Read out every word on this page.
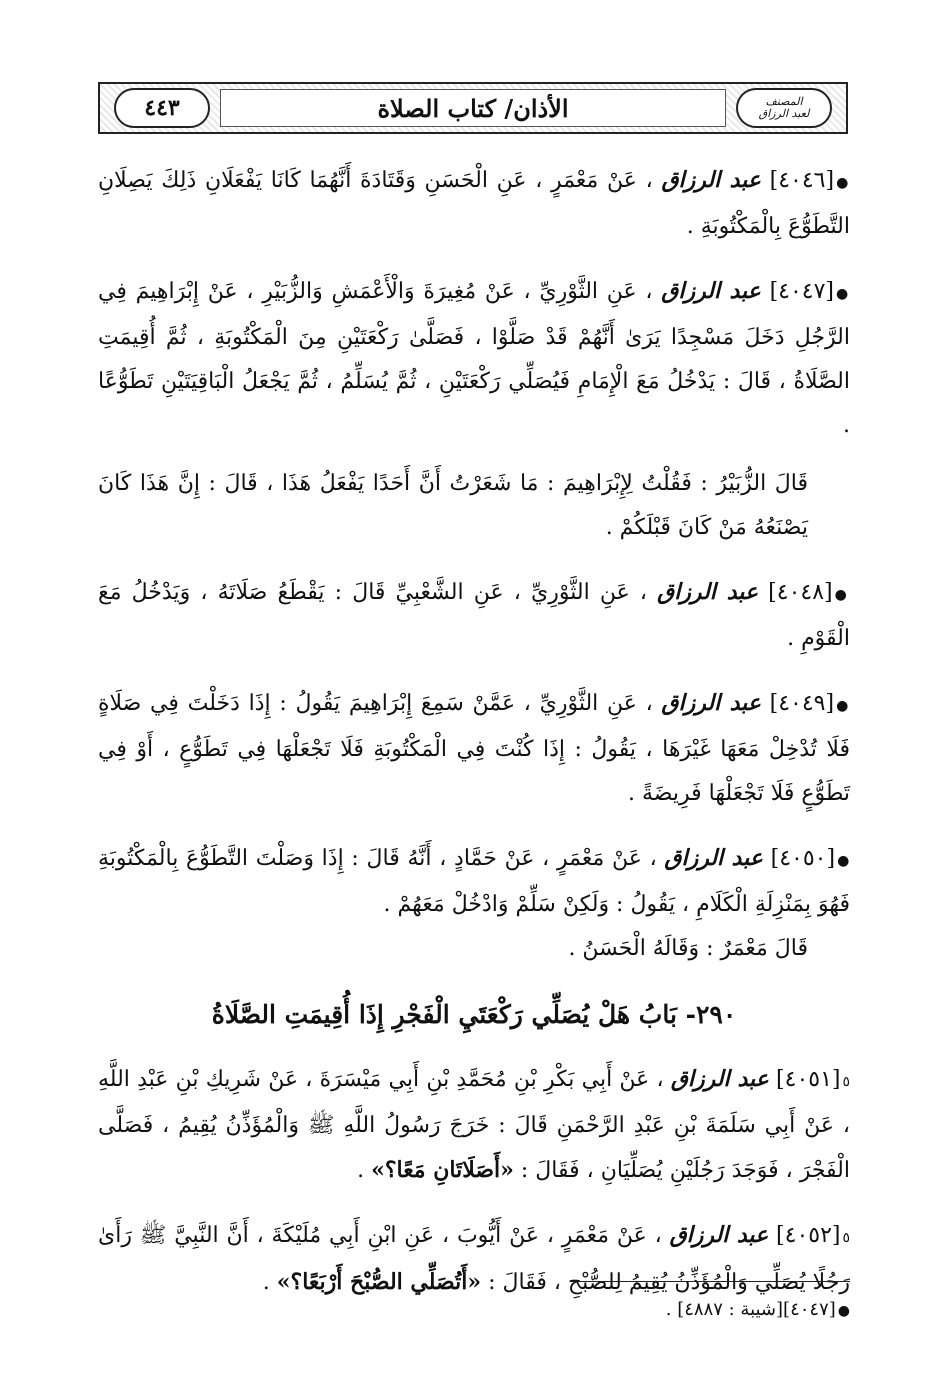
المصنف
لعبد الرزاق
الأذان/ كتاب الصلاة
٤٤٣

●[٤٠٤٦] عبد الرزاق ، عَنْ مَعْمَرٍ ، عَنِ الْحَسَنِ وَقَتَادَةَ أَنَّهُمَا كَانَا يَفْعَلَانِ ذَلِكَ يَصِلَانِ التَّطَوُّعَ بِالْمَكْتُوبَةِ .

●[٤٠٤٧] عبد الرزاق ، عَنِ الثَّوْرِيِّ ، عَنْ مُغِيرَةَ وَالْأَعْمَشِ وَالزُّبَيْرِ ، عَنْ إِبْرَاهِيمَ فِي الرَّجُلِ دَخَلَ مَسْجِدًا يَرَىٰ أَنَّهُمْ قَدْ صَلَّوْا ، فَصَلَّىٰ رَكْعَتَيْنِ مِنَ الْمَكْتُوبَةِ ، ثُمَّ أُقِيمَتِ الصَّلَاةُ ، قَالَ : يَدْخُلُ مَعَ الْإِمَامِ فَيُصَلِّي رَكْعَتَيْنِ ، ثُمَّ يُسَلِّمُ ، ثُمَّ يَجْعَلُ الْبَاقِيَتَيْنِ تَطَوُّعًا .

قَالَ الزُّبَيْرُ : فَقُلْتُ لِإِبْرَاهِيمَ : مَا شَعَرْتُ أَنَّ أَحَدًا يَفْعَلُ هَذَا ، قَالَ : إِنَّ هَذَا كَانَ يَصْنَعُهُ مَنْ كَانَ قَبْلَكُمْ .

●[٤٠٤٨] عبد الرزاق ، عَنِ الثَّوْرِيِّ ، عَنِ الشَّعْبِيِّ قَالَ : يَقْطَعُ صَلَاتَهُ ، وَيَدْخُلُ مَعَ الْقَوْمِ .

●[٤٠٤٩] عبد الرزاق ، عَنِ الثَّوْرِيِّ ، عَمَّنْ سَمِعَ إِبْرَاهِيمَ يَقُولُ : إِذَا دَخَلْتَ فِي صَلَاةٍ فَلَا تُدْخِلْ مَعَهَا غَيْرَهَا ، يَقُولُ : إِذَا كُنْتَ فِي الْمَكْتُوبَةِ فَلَا تَجْعَلْهَا فِي تَطَوُّعٍ ، أَوْ فِي تَطَوُّعٍ فَلَا تَجْعَلْهَا فَرِيضَةً .

●[٤٠٥٠] عبد الرزاق ، عَنْ مَعْمَرٍ ، عَنْ حَمَّادٍ ، أَنَّهُ قَالَ : إِذَا وَصَلْتَ التَّطَوُّعَ بِالْمَكْتُوبَةِ فَهُوَ بِمَنْزِلَةِ الْكَلَامِ ، يَقُولُ : وَلَكِنْ سَلِّمْ وَادْخُلْ مَعَهُمْ .

قَالَ مَعْمَرٌ : وَقَالَهُ الْحَسَنُ .

٢٩٠- بَابُ هَلْ يُصَلِّي رَكْعَتَيِ الْفَجْرِ إِذَا أُقِيمَتِ الصَّلَاةُ

٥[٤٠٥١] عبد الرزاق ، عَنْ أَبِي بَكْرِ بْنِ مُحَمَّدِ بْنِ أَبِي مَيْسَرَةَ ، عَنْ شَرِيكِ بْنِ عَبْدِ اللَّهِ ، عَنْ أَبِي سَلَمَةَ بْنِ عَبْدِ الرَّحْمَنِ قَالَ : خَرَجَ رَسُولُ اللَّهِ ﷺ وَالْمُؤَذِّنُ يُقِيمُ ، فَصَلَّى الْفَجْرَ ، فَوَجَدَ رَجُلَيْنِ يُصَلِّيَانِ ، فَقَالَ : «أَصَلَاتَانِ مَعًا؟» .

٥[٤٠٥٢] عبد الرزاق ، عَنْ مَعْمَرٍ ، عَنْ أَيُّوبَ ، عَنِ ابْنِ أَبِي مُلَيْكَةَ ، أَنَّ النَّبِيَّ ﷺ رَأَىٰ رَجُلًا يُصَلِّي وَالْمُؤَذِّنُ يُقِيمُ لِلصُّبْحِ ، فَقَالَ : «أَتُصَلِّي الصُّبْحَ أَرْبَعًا؟» .

●[٤٠٤٧][شيبة : ٤٨٨٧] .
